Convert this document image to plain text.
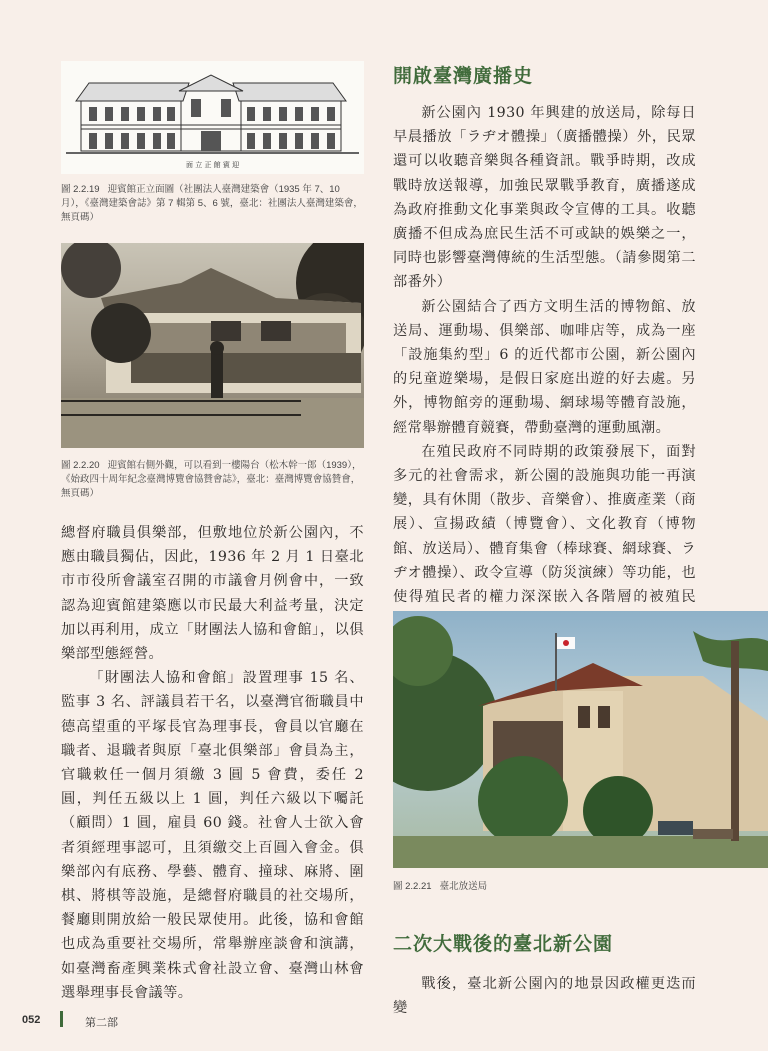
面 立 正 館 賓 迎
圖 2.2.19 迎賓館正立面圖（社團法人臺灣建築會（1935 年 7、10 月），《臺灣建築會誌》第 7 輯第 5、6 號，臺北：社團法人臺灣建築會，無頁碼）
圖 2.2.20 迎賓館右側外觀，可以看到一樓陽台（松木幹一郎（1939），《始政四十周年紀念臺灣博覽會協贊會誌》，臺北：臺灣博覽會協贊會，無頁碼）

總督府職員俱樂部，但敷地位於新公園內，不應由職員獨佔，因此，1936 年 2 月 1 日臺北市市役所會議室召開的市議會月例會中，一致認為迎賓館建築應以市民最大利益考量，決定加以再利用，成立「財團法人協和會館」，以俱樂部型態經營。

「財團法人協和會館」設置理事 15 名、監事 3 名、評議員若干名，以臺灣官衙職員中德高望重的平塚長官為理事長，會員以官廳在職者、退職者與原「臺北俱樂部」會員為主，官職敕任一個月須繳 3 圓 5 會費，委任 2 圓，判任五級以上 1 圓，判任六級以下囑託（顧問）1 圓，雇員 60 錢。社會人士欲入會者須經理事認可，且須繳交上百圓入會金。俱樂部內有底務、學藝、體育、撞球、麻將、圍棋、將棋等設施，是總督府職員的社交場所，餐廳則開放給一般民眾使用。此後，協和會館也成為重要社交場所，常舉辦座談會和演講，如臺灣畜產興業株式會社設立會、臺灣山林會選舉理事長會議等。

開啟臺灣廣播史

新公園內 1930 年興建的放送局，除每日早晨播放「ラヂオ體操」（廣播體操）外，民眾還可以收聽音樂與各種資訊。戰爭時期，改成戰時放送報導，加強民眾戰爭教育，廣播遂成為政府推動文化事業與政令宣傳的工具。收聽廣播不但成為庶民生活不可或缺的娛樂之一，同時也影響臺灣傳統的生活型態。（請參閱第二部番外）

新公園結合了西方文明生活的博物館、放送局、運動場、俱樂部、咖啡店等，成為一座「設施集約型」6 的近代都市公園，新公園內的兒童遊樂場，是假日家庭出遊的好去處。另外，博物館旁的運動場、網球場等體育設施，經常舉辦體育競賽，帶動臺灣的運動風潮。

在殖民政府不同時期的政策發展下，面對多元的社會需求，新公園的設施與功能一再演變，具有休閒（散步、音樂會）、推廣產業（商展）、宣揚政績（博覽會）、文化教育（博物館、放送局）、體育集會（棒球賽、網球賽、ラヂオ體操）、政令宣導（防災演練）等功能，也使得殖民者的權力深深嵌入各階層的被殖民

圖 2.2.21 臺北放送局
二次大戰後的臺北新公園

戰後，臺北新公園內的地景因政權更迭而變

052	第二部
